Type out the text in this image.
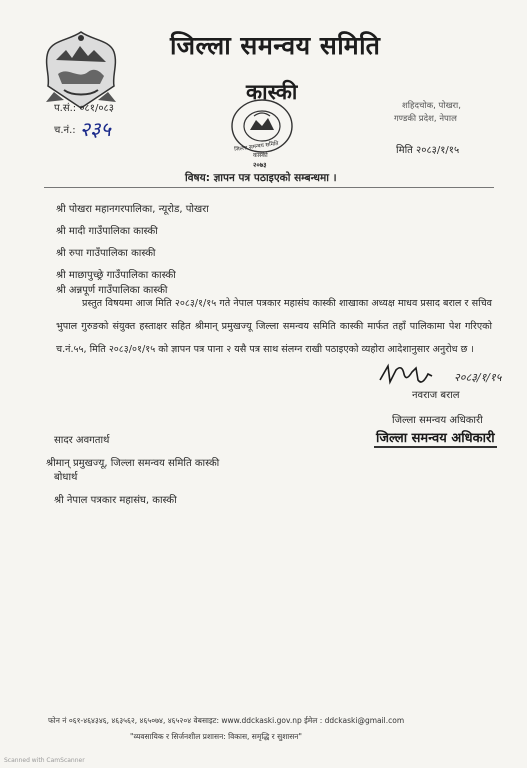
जिल्ला समन्वय समिति
कास्की
प.सं.: ०८१/०८३
च.नं.: २३५
जिल्ला समन्वय समिति
कास्की
२०७३
शहिदचोक, पोखरा,
गण्डकी प्रदेश, नेपाल
मिति २०८३/१/१५
विषय: ज्ञापन पत्र पठाइएको सम्बन्धमा ।
श्री पोखरा महानगरपालिका, न्यूरोड, पोखरा
श्री मादी गाउँपालिका कास्की
श्री रुपा गाउँपालिका कास्की
श्री माछापुच्छ्रे गाउँपालिका कास्की
श्री अन्नपूर्ण गाउँपालिका कास्की

प्रस्तुत विषयमा आज मिति २०८३/१/१५ गते नेपाल पत्रकार महासंघ कास्की शाखाका अध्यक्ष माधव प्रसाद बराल र सचिव भुपाल गुरुङको संयुक्त हस्ताक्षर सहित श्रीमान् प्रमुखज्यू जिल्ला समन्वय समिति कास्की मार्फत तहाँ पालिकामा पेश गरिएको च.नं.५५, मिति २०८३/०१/१५ को ज्ञापन पत्र पाना २ यसै पत्र साथ संलग्न राखी पठाइएको व्यहोरा आदेशानुसार अनुरोध छ ।

२०८३/१/१५
नवराज बराल
जिल्ला समन्वय अधिकारी
जिल्ला समन्वय अधिकारी
सादर अवगतार्थ
श्रीमान् प्रमुखज्यू, जिल्ला समन्वय समिति कास्की
बोधार्थ
श्री नेपाल पत्रकार महासंघ, कास्की
फोन नं ०६१-४६४३४६, ४६३५६२, ४६५०७४, ४६५२०४ वेबसाइट: www.ddckaski.gov.np ईमेल : ddckaski@gmail.com
"व्यवसायिक र सिर्जनशील प्रशासन: विकास, समृद्धि र सुशासन"
Scanned with CamScanner
